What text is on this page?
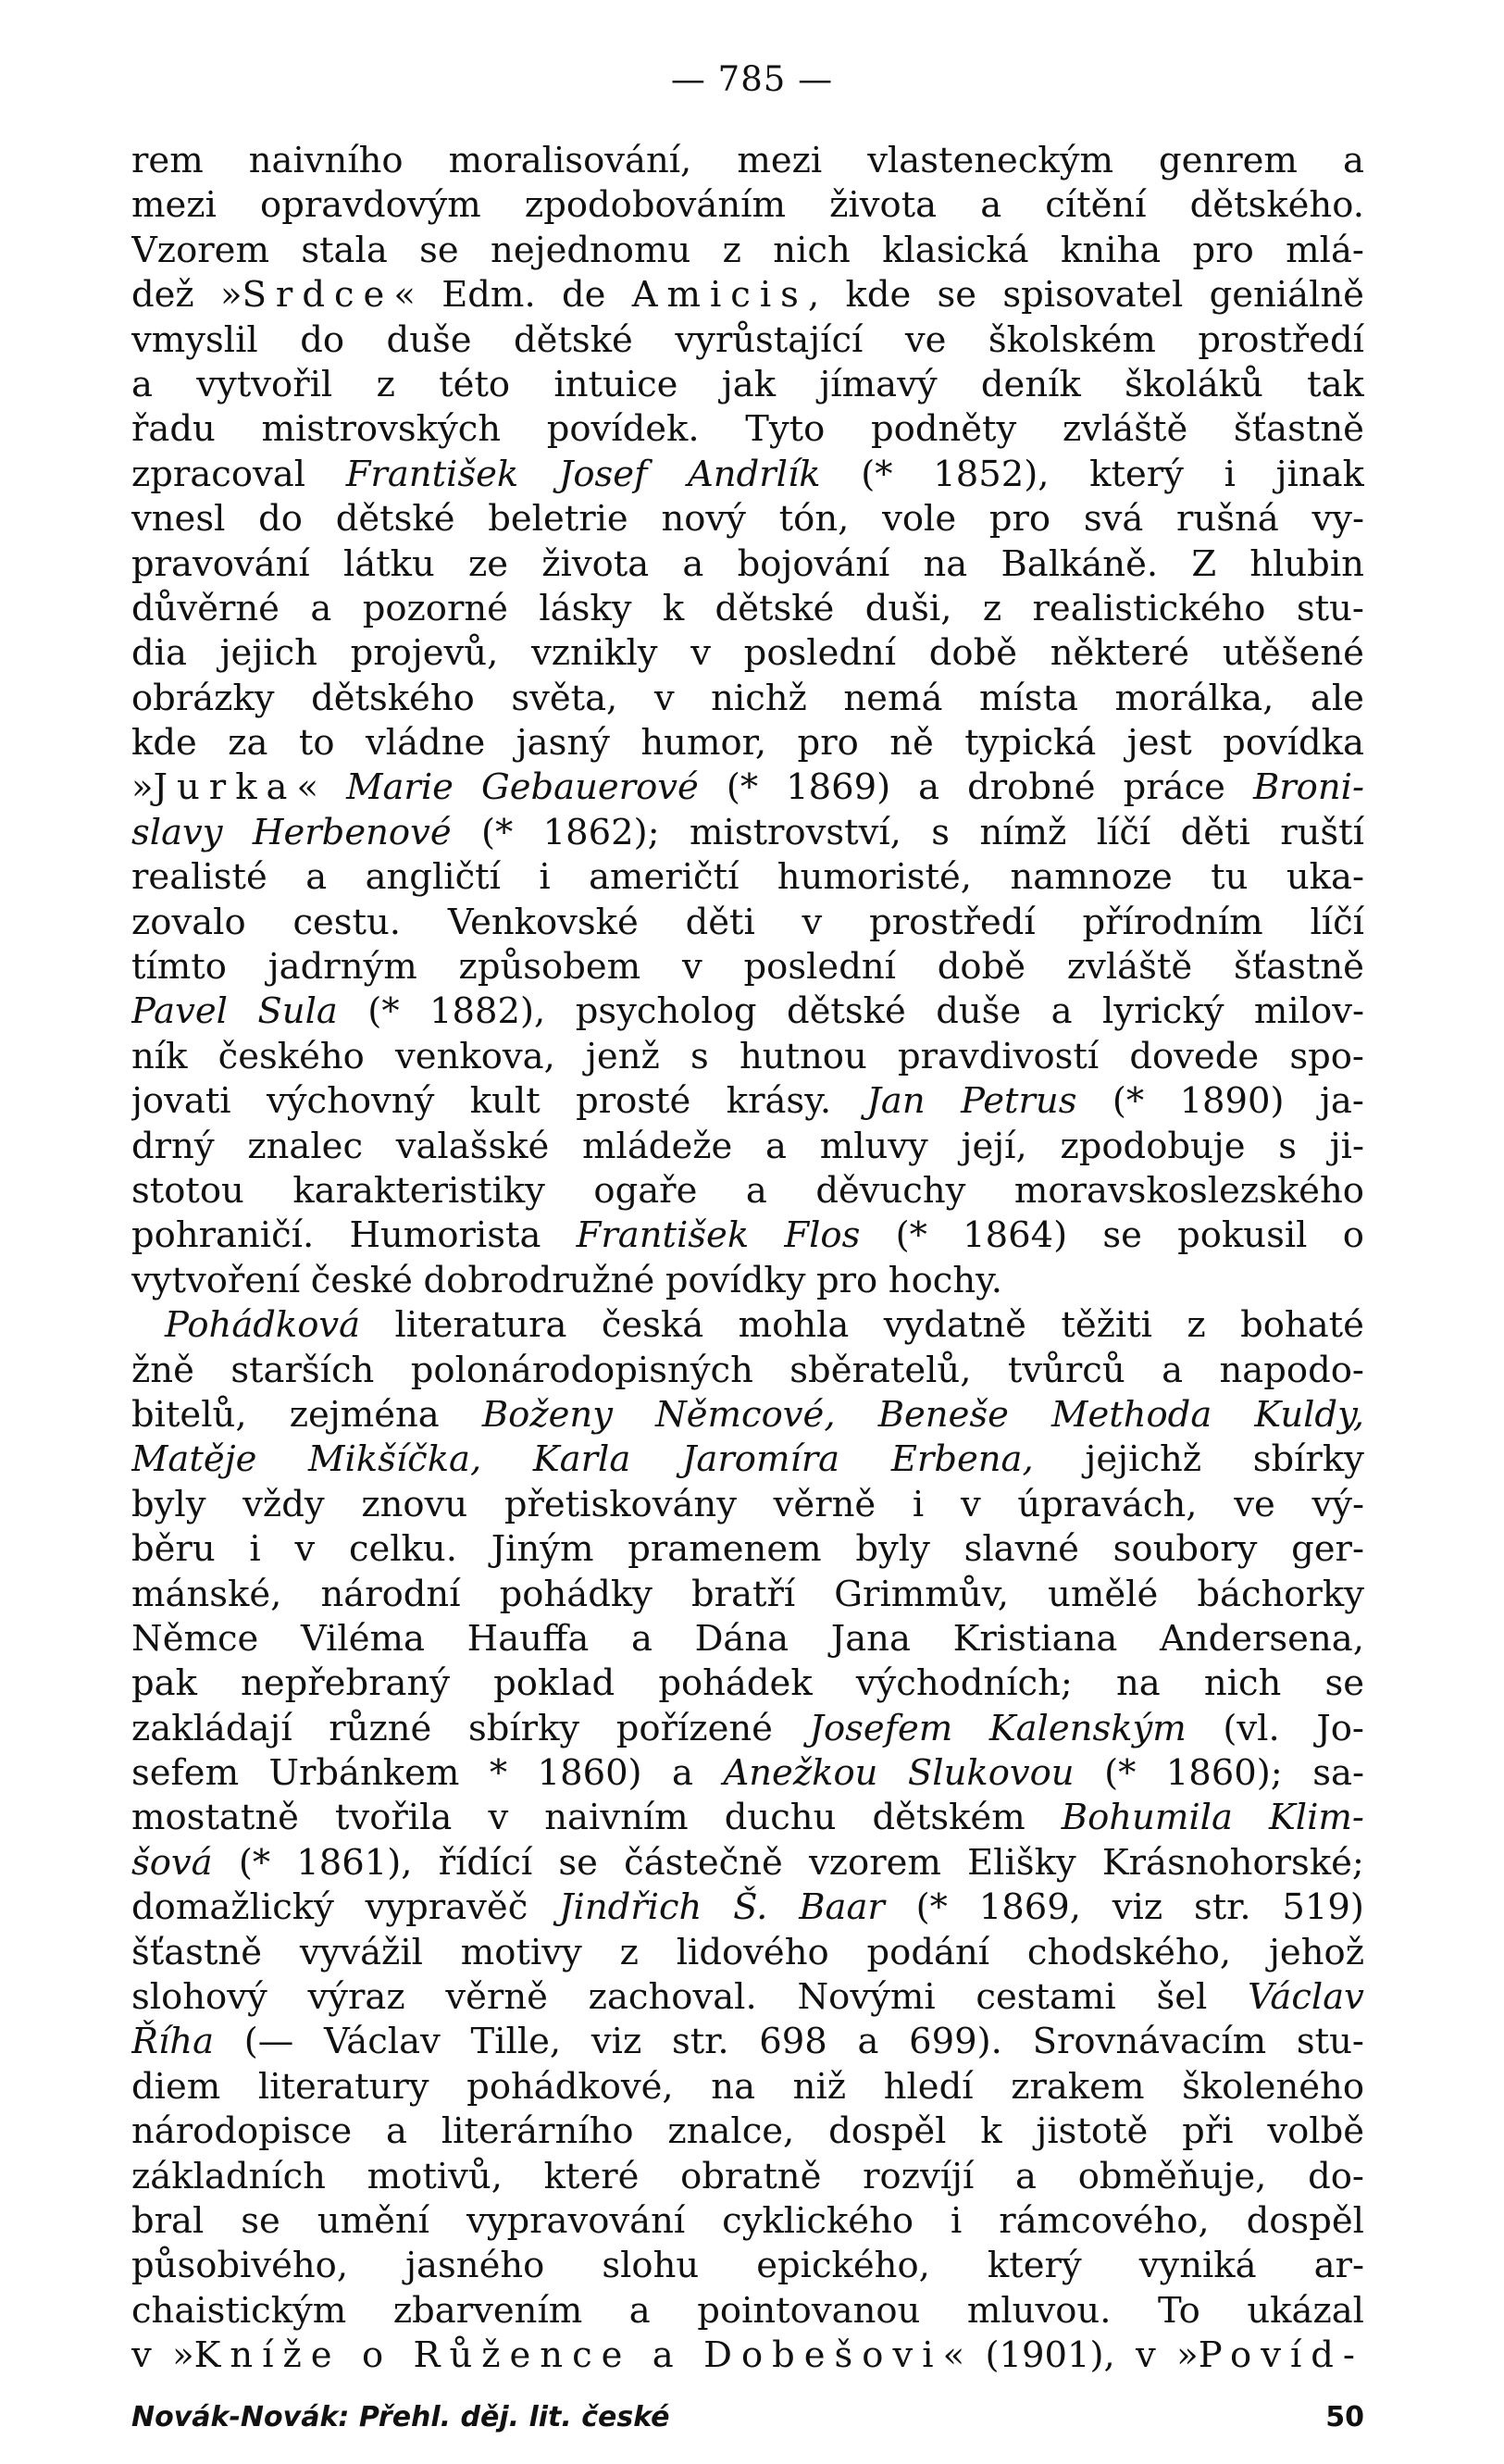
— 785 —
rem naivního moralisování, mezi vlasteneckým genrem a
mezi opravdovým zpodobováním života a cítění dětského.
Vzorem stala se nejednomu z nich klasická kniha pro mlá-
dež »Srdce« Edm. de Amicis, kde se spisovatel geniálně
vmyslil do duše dětské vyrůstající ve školském prostředí
a vytvořil z této intuice jak jímavý deník školáků tak
řadu mistrovských povídek. Tyto podněty zvláště šťastně
zpracoval František Josef Andrlík (* 1852), který i jinak
vnesl do dětské beletrie nový tón, vole pro svá rušná vy-
pravování látku ze života a bojování na Balkáně. Z hlubin
důvěrné a pozorné lásky k dětské duši, z realistického stu-
dia jejich projevů, vznikly v poslední době některé utěšené
obrázky dětského světa, v nichž nemá místa morálka, ale
kde za to vládne jasný humor, pro ně typická jest povídka
»Jurka« Marie Gebauerové (* 1869) a drobné práce Broni-
slavy Herbenové (* 1862); mistrovství, s nímž líčí děti ruští
realisté a angličtí i američtí humoristé, namnoze tu uka-
zovalo cestu. Venkovské děti v prostředí přírodním líčí
tímto jadrným způsobem v poslední době zvláště šťastně
Pavel Sula (* 1882), psycholog dětské duše a lyrický milov-
ník českého venkova, jenž s hutnou pravdivostí dovede spo-
jovati výchovný kult prosté krásy. Jan Petrus (* 1890) ja-
drný znalec valašské mládeže a mluvy její, zpodobuje s ji-
stotou karakteristiky ogaře a děvuchy moravskoslezského
pohraničí. Humorista František Flos (* 1864) se pokusil o
vytvoření české dobrodružné povídky pro hochy.
Pohádková literatura česká mohla vydatně těžiti z bohaté
žně starších polonárodopisných sběratelů, tvůrců a napodo-
bitelů, zejména Boženy Němcové, Beneše Methoda Kuldy,
Matěje Mikšíčka, Karla Jaromíra Erbena, jejichž sbírky
byly vždy znovu přetiskovány věrně i v úpravách, ve vý-
běru i v celku. Jiným pramenem byly slavné soubory ger-
mánské, národní pohádky bratří Grimmův, umělé báchorky
Němce Viléma Hauffa a Dána Jana Kristiana Andersena,
pak nepřebraný poklad pohádek východních; na nich se
zakládají různé sbírky pořízené Josefem Kalenským (vl. Jo-
sefem Urbánkem * 1860) a Anežkou Slukovou (* 1860); sa-
mostatně tvořila v naivním duchu dětském Bohumila Klim-
šová (* 1861), řídící se částečně vzorem Elišky Krásnohorské;
domažlický vypravěč Jindřich Š. Baar (* 1869, viz str. 519)
šťastně vyvážil motivy z lidového podání chodského, jehož
slohový výraz věrně zachoval. Novými cestami šel Václav
Říha (— Václav Tille, viz str. 698 a 699). Srovnávacím stu-
diem literatury pohádkové, na niž hledí zrakem školeného
národopisce a literárního znalce, dospěl k jistotě při volbě
základních motivů, které obratně rozvíjí a obměňuje, do-
bral se umění vypravování cyklického i rámcového, dospěl
působivého, jasného slohu epického, který vyniká ar-
chaistickým zbarvením a pointovanou mluvou. To ukázal
v »Kníže o Růžence a Dobešovi« (1901), v »Povíd-
Novák-Novák: Přehl. děj. lit. české	50
